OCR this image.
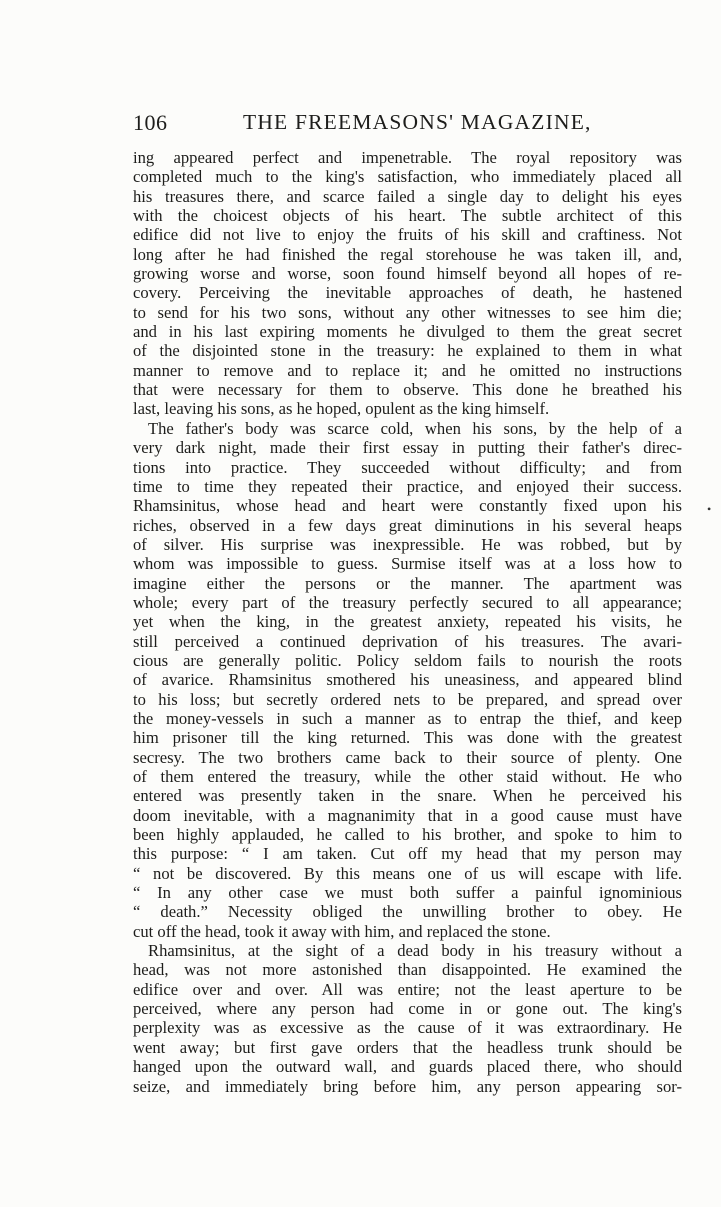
106	THE FREEMASONS' MAGAZINE,
ing appeared perfect and impenetrable. The royal repository was
completed much to the king's satisfaction, who immediately placed all
his treasures there, and scarce failed a single day to delight his eyes
with the choicest objects of his heart. The subtle architect of this
edifice did not live to enjoy the fruits of his skill and craftiness. Not
long after he had finished the regal storehouse he was taken ill, and,
growing worse and worse, soon found himself beyond all hopes of re-
covery. Perceiving the inevitable approaches of death, he hastened
to send for his two sons, without any other witnesses to see him die;
and in his last expiring moments he divulged to them the great secret
of the disjointed stone in the treasury: he explained to them in what
manner to remove and to replace it; and he omitted no instructions
that were necessary for them to observe. This done he breathed his
last, leaving his sons, as he hoped, opulent as the king himself.
The father's body was scarce cold, when his sons, by the help of a
very dark night, made their first essay in putting their father's direc-
tions into practice. They succeeded without difficulty; and from
time to time they repeated their practice, and enjoyed their success.
Rhamsinitus, whose head and heart were constantly fixed upon his
riches, observed in a few days great diminutions in his several heaps
of silver. His surprise was inexpressible. He was robbed, but by
whom was impossible to guess. Surmise itself was at a loss how to
imagine either the persons or the manner. The apartment was
whole; every part of the treasury perfectly secured to all appearance;
yet when the king, in the greatest anxiety, repeated his visits, he
still perceived a continued deprivation of his treasures. The avari-
cious are generally politic. Policy seldom fails to nourish the roots
of avarice. Rhamsinitus smothered his uneasiness, and appeared blind
to his loss; but secretly ordered nets to be prepared, and spread over
the money-vessels in such a manner as to entrap the thief, and keep
him prisoner till the king returned. This was done with the greatest
secresy. The two brothers came back to their source of plenty. One
of them entered the treasury, while the other staid without. He who
entered was presently taken in the snare. When he perceived his
doom inevitable, with a magnanimity that in a good cause must have
been highly applauded, he called to his brother, and spoke to him to
this purpose: “ I am taken. Cut off my head that my person may
“ not be discovered. By this means one of us will escape with life.
“ In any other case we must both suffer a painful ignominious
“ death.” Necessity obliged the unwilling brother to obey. He
cut off the head, took it away with him, and replaced the stone.
Rhamsinitus, at the sight of a dead body in his treasury without a
head, was not more astonished than disappointed. He examined the
edifice over and over. All was entire; not the least aperture to be
perceived, where any person had come in or gone out. The king's
perplexity was as excessive as the cause of it was extraordinary. He
went away; but first gave orders that the headless trunk should be
hanged upon the outward wall, and guards placed there, who should
seize, and immediately bring before him, any person appearing sor-
•
